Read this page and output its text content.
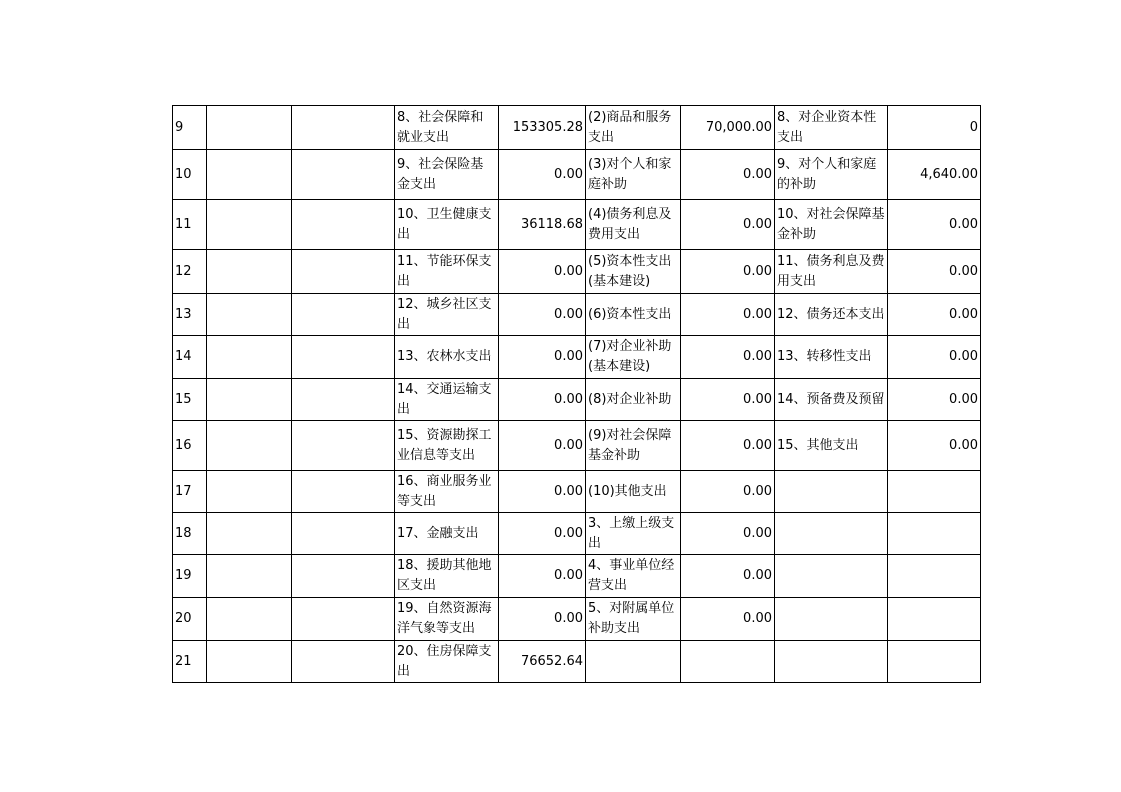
9			8、社会保障和就业支出	153305.28	(2)商品和服务支出	70,000.00	8、对企业资本性支出	0
10			9、社会保险基金支出	0.00	(3)对个人和家庭补助	0.00	9、对个人和家庭的补助	4,640.00
11			10、卫生健康支出	36118.68	(4)债务利息及费用支出	0.00	10、对社会保障基金补助	0.00
12			11、节能环保支出	0.00	(5)资本性支出(基本建设)	0.00	11、债务利息及费用支出	0.00
13			12、城乡社区支出	0.00	(6)资本性支出	0.00	12、债务还本支出	0.00
14			13、农林水支出	0.00	(7)对企业补助(基本建设)	0.00	13、转移性支出	0.00
15			14、交通运输支出	0.00	(8)对企业补助	0.00	14、预备费及预留	0.00
16			15、资源勘探工业信息等支出	0.00	(9)对社会保障基金补助	0.00	15、其他支出	0.00
17			16、商业服务业等支出	0.00	(10)其他支出	0.00		
18			17、金融支出	0.00	3、上缴上级支出	0.00		
19			18、援助其他地区支出	0.00	4、事业单位经营支出	0.00		
20			19、自然资源海洋气象等支出	0.00	5、对附属单位补助支出	0.00		
21			20、住房保障支出	76652.64				
